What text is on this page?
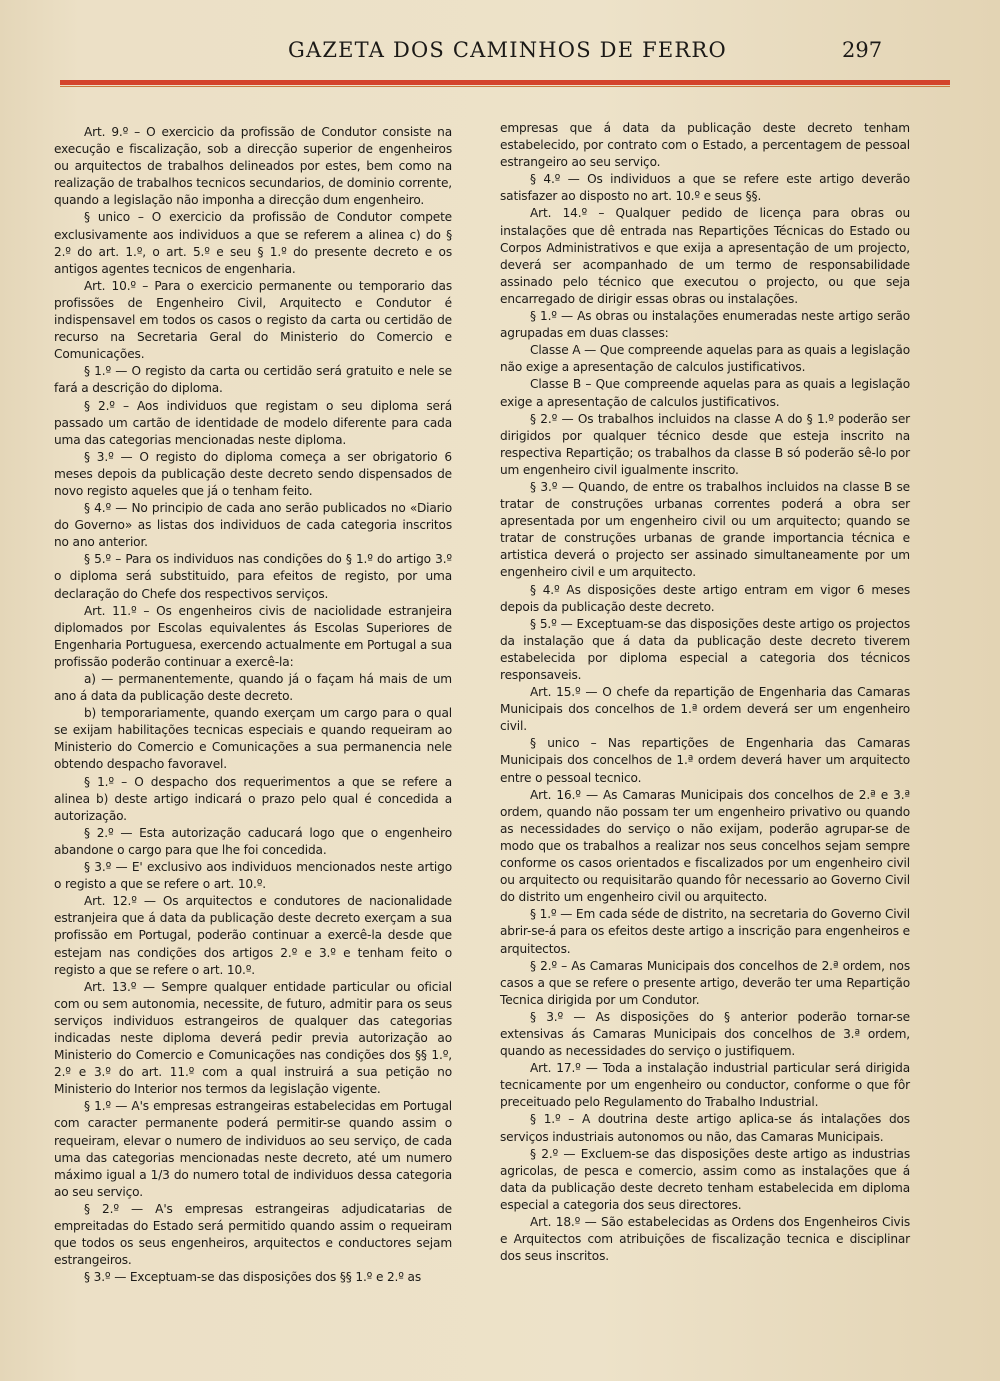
GAZETA DOS CAMINHOS DE FERRO	297

Art. 9.º – O exercicio da profissão de Condutor consiste na execução e fiscalização, sob a direcção superior de engenheiros ou arquitectos de trabalhos delineados por estes, bem como na realização de trabalhos tecnicos secundarios, de dominio corrente, quando a legislação não imponha a direcção dum engenheiro.

§ unico – O exercicio da profissão de Condutor compete exclusivamente aos individuos a que se referem a alinea c) do § 2.º do art. 1.º, o art. 5.º e seu § 1.º do presente decreto e os antigos agentes tecnicos de engenharia.

Art. 10.º – Para o exercicio permanente ou temporario das profissões de Engenheiro Civil, Arquitecto e Condutor é indispensavel em todos os casos o registo da carta ou certidão de recurso na Secretaria Geral do Ministerio do Comercio e Comunicações.

§ 1.º — O registo da carta ou certidão será gratuito e nele se fará a descrição do diploma.

§ 2.º – Aos individuos que registam o seu diploma será passado um cartão de identidade de modelo diferente para cada uma das categorias mencionadas neste diploma.

§ 3.º — O registo do diploma começa a ser obrigatorio 6 meses depois da publicação deste decreto sendo dispensados de novo registo aqueles que já o tenham feito.

§ 4.º — No principio de cada ano serão publicados no «Diario do Governo» as listas dos individuos de cada categoria inscritos no ano anterior.

§ 5.º – Para os individuos nas condições do § 1.º do artigo 3.º o diploma será substituido, para efeitos de registo, por uma declaração do Chefe dos respectivos serviços.

Art. 11.º – Os engenheiros civis de naciolidade estranjeira diplomados por Escolas equivalentes ás Escolas Superiores de Engenharia Portuguesa, exercendo actualmente em Portugal a sua profissão poderão continuar a exercê-la:

a) — permanentemente, quando já o façam há mais de um ano á data da publicação deste decreto.

b) temporariamente, quando exerçam um cargo para o qual se exijam habilitações tecnicas especiais e quando requeiram ao Ministerio do Comercio e Comunicações a sua permanencia nele obtendo despacho favoravel.

§ 1.º – O despacho dos requerimentos a que se refere a alinea b) deste artigo indicará o prazo pelo qual é concedida a autorização.

§ 2.º — Esta autorização caducará logo que o engenheiro abandone o cargo para que lhe foi concedida.

§ 3.º — E' exclusivo aos individuos mencionados neste artigo o registo a que se refere o art. 10.º.

Art. 12.º — Os arquitectos e condutores de nacionalidade estranjeira que á data da publicação deste decreto exerçam a sua profissão em Portugal, poderão continuar a exercê-la desde que estejam nas condições dos artigos 2.º e 3.º e tenham feito o registo a que se refere o art. 10.º.

Art. 13.º — Sempre qualquer entidade particular ou oficial com ou sem autonomia, necessite, de futuro, admitir para os seus serviços individuos estrangeiros de qualquer das categorias indicadas neste diploma deverá pedir previa autorização ao Ministerio do Comercio e Comunicações nas condições dos §§ 1.º, 2.º e 3.º do art. 11.º com a qual instruirá a sua petição no Ministerio do Interior nos termos da legislação vigente.

§ 1.º — A's empresas estrangeiras estabelecidas em Portugal com caracter permanente poderá permitir-se quando assim o requeiram, elevar o numero de individuos ao seu serviço, de cada uma das categorias mencionadas neste decreto, até um numero máximo igual a 1/3 do numero total de individuos dessa categoria ao seu serviço.

§ 2.º — A's empresas estrangeiras adjudicatarias de empreitadas do Estado será permitido quando assim o requeiram que todos os seus engenheiros, arquitectos e conductores sejam estrangeiros.

§ 3.º — Exceptuam-se das disposições dos §§ 1.º e 2.º as

empresas que á data da publicação deste decreto tenham estabelecido, por contrato com o Estado, a percentagem de pessoal estrangeiro ao seu serviço.

§ 4.º — Os individuos a que se refere este artigo deverão satisfazer ao disposto no art. 10.º e seus §§.

Art. 14.º – Qualquer pedido de licença para obras ou instalações que dê entrada nas Repartições Técnicas do Estado ou Corpos Administrativos e que exija a apresentação de um projecto, deverá ser acompanhado de um termo de responsabilidade assinado pelo técnico que executou o projecto, ou que seja encarregado de dirigir essas obras ou instalações.

§ 1.º — As obras ou instalações enumeradas neste artigo serão agrupadas em duas classes:

Classe A — Que compreende aquelas para as quais a legislação não exige a apresentação de calculos justificativos.

Classe B – Que compreende aquelas para as quais a legislação exige a apresentação de calculos justificativos.

§ 2.º — Os trabalhos incluidos na classe A do § 1.º poderão ser dirigidos por qualquer técnico desde que esteja inscrito na respectiva Repartição; os trabalhos da classe B só poderão sê-lo por um engenheiro civil igualmente inscrito.

§ 3.º — Quando, de entre os trabalhos incluidos na classe B se tratar de construções urbanas correntes poderá a obra ser apresentada por um engenheiro civil ou um arquitecto; quando se tratar de construções urbanas de grande importancia técnica e artistica deverá o projecto ser assinado simultaneamente por um engenheiro civil e um arquitecto.

§ 4.º As disposições deste artigo entram em vigor 6 meses depois da publicação deste decreto.

§ 5.º — Exceptuam-se das disposições deste artigo os projectos da instalação que á data da publicação deste decreto tiverem estabelecida por diploma especial a categoria dos técnicos responsaveis.

Art. 15.º — O chefe da repartição de Engenharia das Camaras Municipais dos concelhos de 1.ª ordem deverá ser um engenheiro civil.

§ unico – Nas repartições de Engenharia das Camaras Municipais dos concelhos de 1.ª ordem deverá haver um arquitecto entre o pessoal tecnico.

Art. 16.º — As Camaras Municipais dos concelhos de 2.ª e 3.ª ordem, quando não possam ter um engenheiro privativo ou quando as necessidades do serviço o não exijam, poderão agrupar-se de modo que os trabalhos a realizar nos seus concelhos sejam sempre conforme os casos orientados e fiscalizados por um engenheiro civil ou arquitecto ou requisitarão quando fôr necessario ao Governo Civil do distrito um engenheiro civil ou arquitecto.

§ 1.º — Em cada séde de distrito, na secretaria do Governo Civil abrir-se-á para os efeitos deste artigo a inscrição para engenheiros e arquitectos.

§ 2.º – As Camaras Municipais dos concelhos de 2.ª ordem, nos casos a que se refere o presente artigo, deverão ter uma Repartição Tecnica dirigida por um Condutor.

§ 3.º — As disposições do § anterior poderão tornar-se extensivas ás Camaras Municipais dos concelhos de 3.ª ordem, quando as necessidades do serviço o justifiquem.

Art. 17.º — Toda a instalação industrial particular será dirigida tecnicamente por um engenheiro ou conductor, conforme o que fôr preceituado pelo Regulamento do Trabalho Industrial.

§ 1.º – A doutrina deste artigo aplica-se ás intalações dos serviços industriais autonomos ou não, das Camaras Municipais.

§ 2.º — Excluem-se das disposições deste artigo as industrias agricolas, de pesca e comercio, assim como as instalações que á data da publicação deste decreto tenham estabelecida em diploma especial a categoria dos seus directores.

Art. 18.º — São estabelecidas as Ordens dos Engenheiros Civis e Arquitectos com atribuições de fiscalização tecnica e disciplinar dos seus inscritos.
